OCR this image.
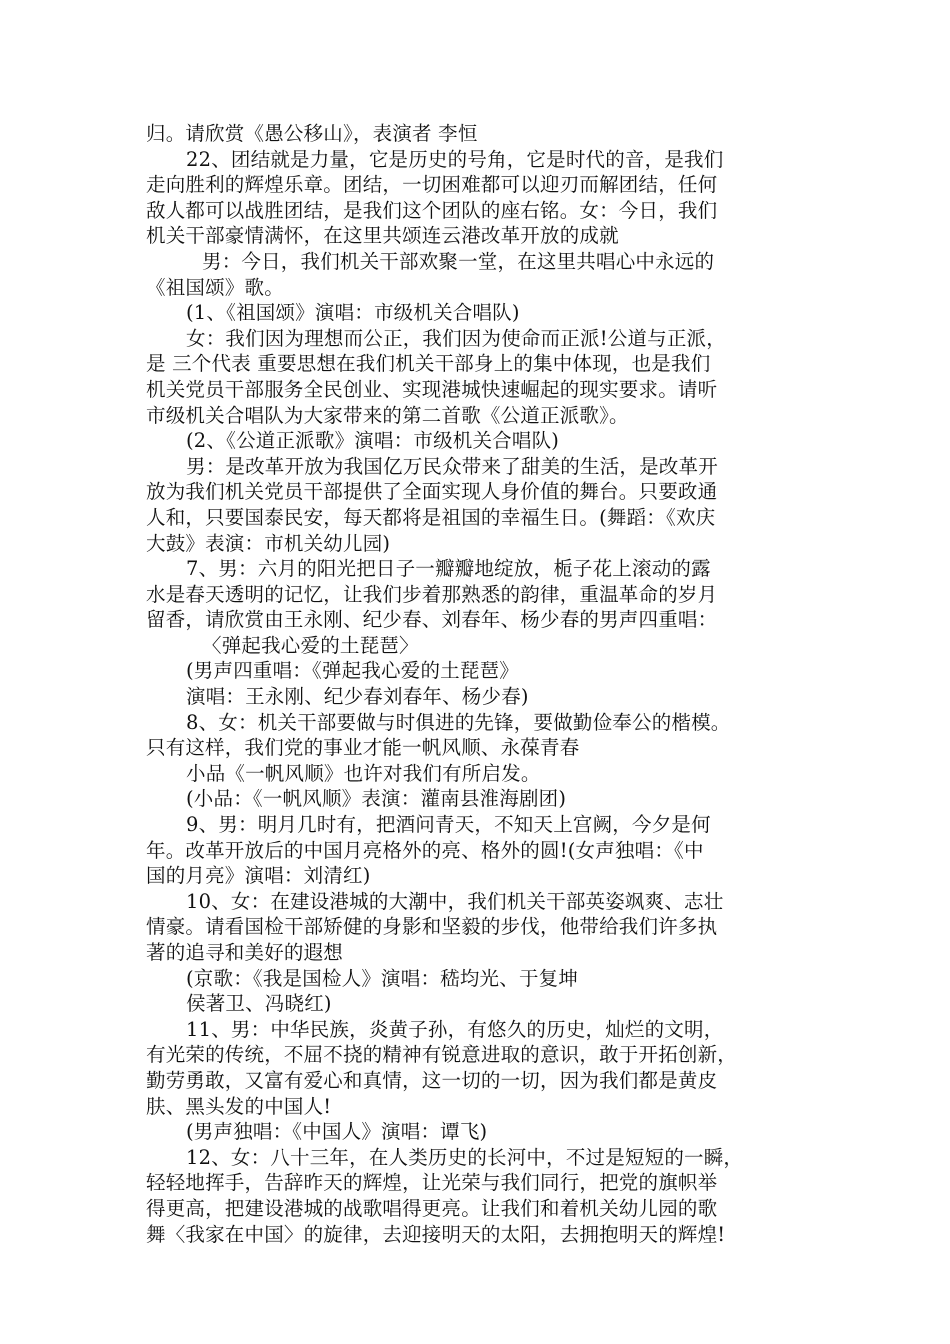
归。请欣赏《愚公移山》，表演者 李恒
22、团结就是力量，它是历史的号角，它是时代的音，是我们
走向胜利的辉煌乐章。团结，一切困难都可以迎刃而解团结，任何
敌人都可以战胜团结，是我们这个团队的座右铭。女：今日，我们
机关干部豪情满怀，在这里共颂连云港改革开放的成就
男：今日，我们机关干部欢聚一堂，在这里共唱心中永远的
《祖国颂》歌。
(1、《祖国颂》演唱：市级机关合唱队)
女：我们因为理想而公正，我们因为使命而正派!公道与正派，
是 三个代表 重要思想在我们机关干部身上的集中体现，也是我们
机关党员干部服务全民创业、实现港城快速崛起的现实要求。请听
市级机关合唱队为大家带来的第二首歌《公道正派歌》。
(2、《公道正派歌》演唱：市级机关合唱队)
男：是改革开放为我国亿万民众带来了甜美的生活，是改革开
放为我们机关党员干部提供了全面实现人身价值的舞台。只要政通
人和，只要国泰民安，每天都将是祖国的幸福生日。(舞蹈：《欢庆
大鼓》表演：市机关幼儿园)
7、男：六月的阳光把日子一瓣瓣地绽放，栀子花上滚动的露
水是春天透明的记忆，让我们步着那熟悉的韵律，重温革命的岁月
留香，请欣赏由王永刚、纪少春、刘春年、杨少春的男声四重唱：
〈弹起我心爱的土琵琶〉
(男声四重唱：《弹起我心爱的土琵琶》
演唱：王永刚、纪少春刘春年、杨少春)
8、女：机关干部要做与时俱进的先锋，要做勤俭奉公的楷模。
只有这样，我们党的事业才能一帆风顺、永葆青春
小品《一帆风顺》也许对我们有所启发。
(小品：《一帆风顺》表演：灌南县淮海剧团)
9、男：明月几时有，把酒问青天，不知天上宫阙，今夕是何
年。改革开放后的中国月亮格外的亮、格外的圆!(女声独唱：《中
国的月亮》演唱：刘清红)
10、女：在建设港城的大潮中，我们机关干部英姿飒爽、志壮
情豪。请看国检干部矫健的身影和坚毅的步伐，他带给我们许多执
著的追寻和美好的遐想
(京歌：《我是国检人》演唱：嵇均光、于复坤
侯著卫、冯晓红)
11、男：中华民族，炎黄子孙，有悠久的历史，灿烂的文明，
有光荣的传统，不屈不挠的精神有锐意进取的意识，敢于开拓创新，
勤劳勇敢，又富有爱心和真情，这一切的一切，因为我们都是黄皮
肤、黑头发的中国人!
(男声独唱：《中国人》演唱：谭飞)
12、女：八十三年，在人类历史的长河中，不过是短短的一瞬，
轻轻地挥手，告辞昨天的辉煌，让光荣与我们同行，把党的旗帜举
得更高，把建设港城的战歌唱得更亮。让我们和着机关幼儿园的歌
舞〈我家在中国〉的旋律，去迎接明天的太阳，去拥抱明天的辉煌!
